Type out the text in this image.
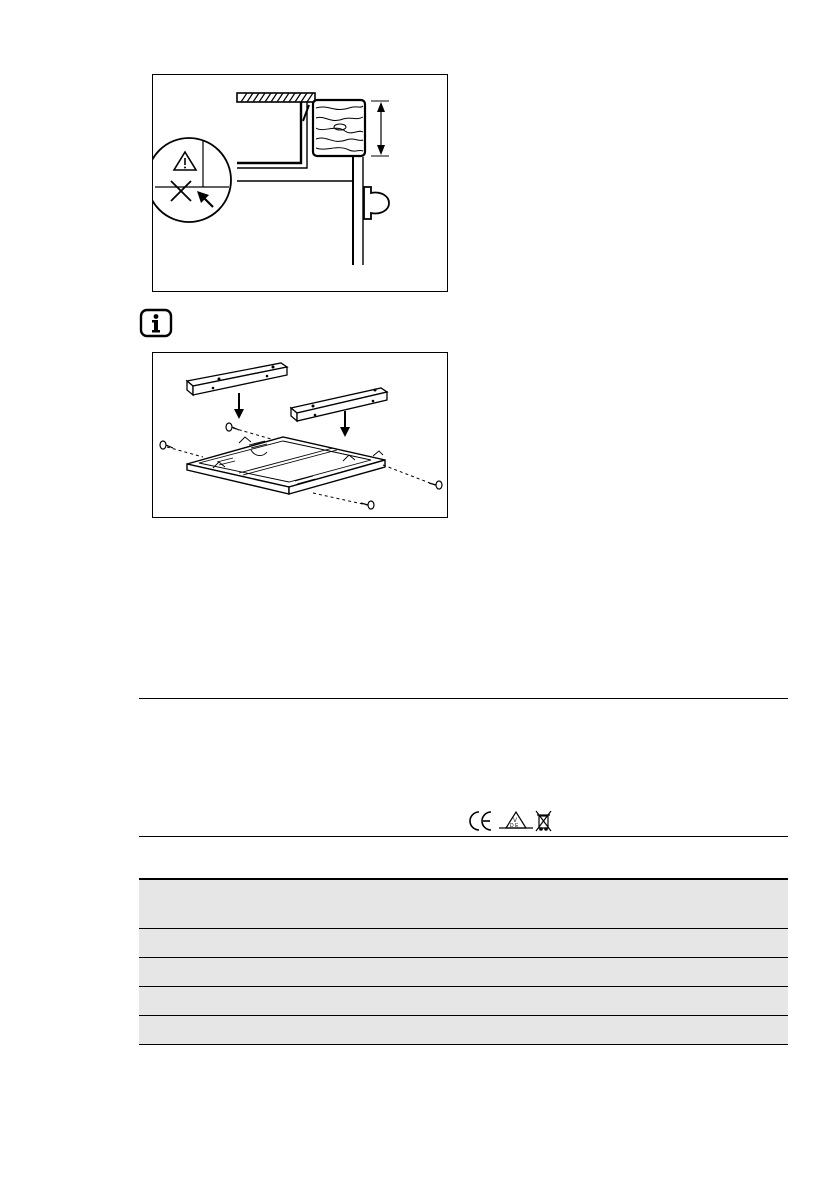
V
D E
